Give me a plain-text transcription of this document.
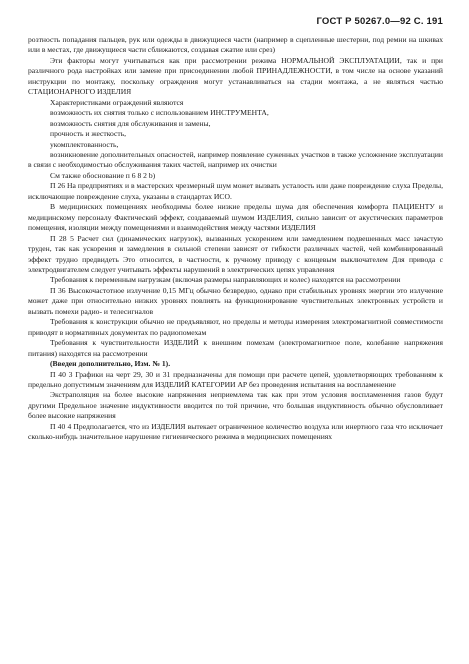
ГОСТ Р 50267.0—92 С. 191

розтность попадания пальцев, рук или одежды в движущиеся части (например в сцепленные шестерни, под ремни на шкивах или в местах, где движущиеся части сближаются, создавая сжатие или срез)

Эти факторы могут учитываться как при рассмотрении режима НОРМАЛЬНОЙ ЭКСПЛУАТАЦИИ, так и при различного рода настройках или замене при присоединении любой ПРИНАДЛЕЖНОСТИ, в том числе на основе указаний инструкции по монтажу, поскольку ограждения могут устанавливаться на стадии монтажа, а не являться частью СТАЦИОНАРНОГО ИЗДЕЛИЯ

Характеристиками ограждений являются

возможность их снятия только с использованием ИНСТРУМЕНТА,

возможность снятия для обслуживания и замены,

прочность и жесткость,

укомплектованность,

возникновение дополнительных опасностей, например появление суженных участков в также усложнение эксплуатации в связи с необходимостью обслуживания таких частей, например их очистки

См также обоснование п 6 8 2 b)

П 26 На предприятиях и в мастерских чрезмерный шум может вызвать усталость или даже повреждение слуха Пределы, исключающие повреждение слуха, указаны в стандартах ИСО.

В медицинских помещениях необходимы более низкие пределы шума для обеспечения комфорта ПАЦИЕНТУ и медицинскому персоналу Фактический эффект, создаваемый шумом ИЗДЕЛИЯ, сильно зависит от акустических параметров помещения, изоляции между помещениями и взаимодействия между частями ИЗДЕЛИЯ

П 28 5 Расчет сил (динамических нагрузок), вызванных ускорением или замедлением подвешенных масс зачастую труден, так как ускорения и замедления в сильной степени зависят от гибкости различных частей, чей комбинированный эффект трудно предвидеть Это относится, в частности, к ручному приводу с концевым выключателем Для привода с электродвигателем следует учитывать эффекты нарушений в электрических цепях управления

Требования к переменным нагрузкам (включая размеры направляющих и колес) находятся на рассмотрении

П 36 Высокочастотное излучение 0,15 МГц обычно безвредно, однако при стабильных уровнях энергии это излучение может даже при относительно низких уровнях повлиять на функционирование чувствительных электронных устройств и вызвать помехи радио- и телесигналов

Требования к конструкции обычно не предъявляют, но пределы и методы измерения электромагнитной совместимости приводят в нормативных документах по радиопомехам

Требования к чувствительности ИЗДЕЛИЙ к внешним помехам (электромагнитное поле, колебание напряжения питания) находятся на рассмотрении

(Введен дополнительно, Изм. № 1).

П 40 3 Графики на черт 29, 30 и 31 предназначены для помощи при расчете цепей, удовлетворяющих требованиям к предельно допустимым значениям для ИЗДЕЛИЙ КАТЕГОРИИ АР без проведения испытания на воспламенение

Экстраполяция на более высокие напряжения неприемлема так как при этом условия воспламенения газов будут другими Предельное значение индуктивности вводится по той причине, что большая индуктивность обычно обусловливает более высокие напряжения

П 40 4 Предполагается, что из ИЗДЕЛИЯ вытекает ограниченное количество воздуха или инертного газа что исключает сколько-нибудь значительное нарушение гигиенического режима в медицинских помещениях
